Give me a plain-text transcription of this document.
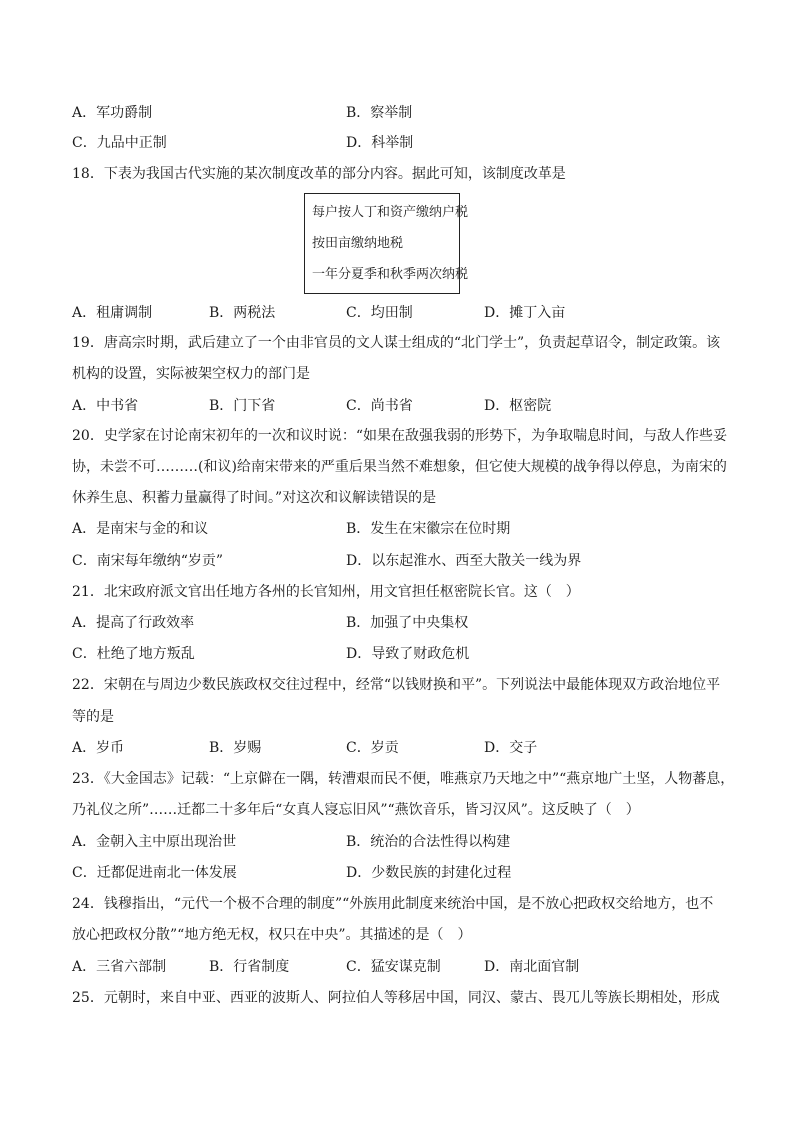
A．军功爵制	B．察举制
C．九品中正制	D．科举制
18．下表为我国古代实施的某次制度改革的部分内容。据此可知，该制度改革是
每户按人丁和资产缴纳户税
按田亩缴纳地税
一年分夏季和秋季两次纳税
A．租庸调制	B．两税法	C．均田制	D．摊丁入亩
19．唐高宗时期，武后建立了一个由非官员的文人谋士组成的“北门学士”，负责起草诏令，制定政策。该
机构的设置，实际被架空权力的部门是
A．中书省	B．门下省	C．尚书省	D．枢密院
20．史学家在讨论南宋初年的一次和议时说：“如果在敌强我弱的形势下，为争取喘息时间，与敌人作些妥
协，未尝不可………(和议)给南宋带来的严重后果当然不难想象，但它使大规模的战争得以停息，为南宋的
休养生息、积蓄力量赢得了时间。”对这次和议解读错误的是
A．是南宋与金的和议	B．发生在宋徽宗在位时期
C．南宋每年缴纳“岁贡”	D．以东起淮水、西至大散关一线为界
21．北宋政府派文官出任地方各州的长官知州，用文官担任枢密院长官。这（　）
A．提高了行政效率	B．加强了中央集权
C．杜绝了地方叛乱	D．导致了财政危机
22．宋朝在与周边少数民族政权交往过程中，经常“以钱财换和平”。下列说法中最能体现双方政治地位平
等的是
A．岁币	B．岁赐	C．岁贡	D．交子
23．《大金国志》记载：“上京僻在一隅，转漕艰而民不便，唯燕京乃天地之中”“燕京地广土坚，人物蕃息，
乃礼仪之所”……迁都二十多年后“女真人寖忘旧风”“燕饮音乐，皆习汉风”。这反映了（　）
A．金朝入主中原出现治世	B．统治的合法性得以构建
C．迁都促进南北一体发展	D．少数民族的封建化过程
24．钱穆指出，“元代一个极不合理的制度”“外族用此制度来统治中国，是不放心把政权交给地方，也不
放心把政权分散”“地方绝无权，权只在中央”。其描述的是（　）
A．三省六部制	B．行省制度	C．猛安谋克制	D．南北面官制
25．元朝时，来自中亚、西亚的波斯人、阿拉伯人等移居中国，同汉、蒙古、畏兀儿等族长期相处，形成
